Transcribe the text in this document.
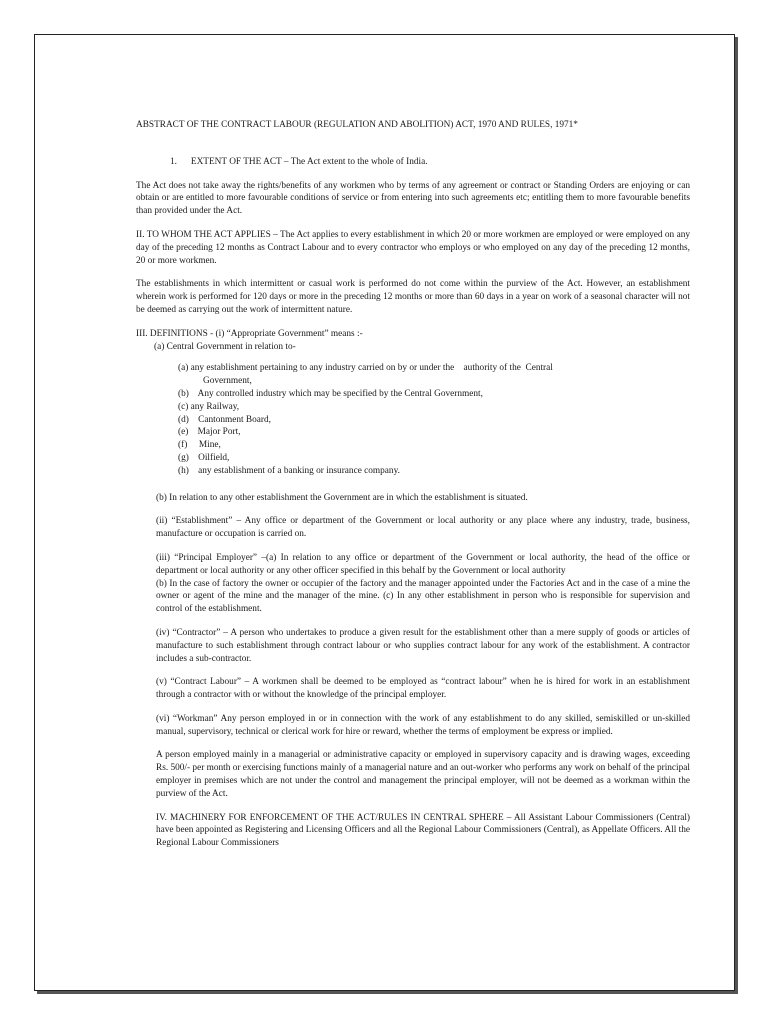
ABSTRACT OF THE CONTRACT LABOUR (REGULATION AND ABOLITION) ACT, 1970 AND RULES, 1971*

1.      EXTENT OF THE ACT – The Act extent to the whole of India.

The Act does not take away the rights/benefits of any workmen who by terms of any agreement or contract or Standing Orders are enjoying or can obtain or are entitled to more favourable conditions of service or from entering into such agreements etc; entitling them to more favourable benefits than provided under the Act.

II. TO WHOM THE ACT APPLIES – The Act applies to every establishment in which 20 or more workmen are employed or were employed on any day of the preceding 12 months as Contract Labour and to every contractor who employs or who employed on any day of the preceding 12 months, 20 or more workmen.

The establishments in which intermittent or casual work is performed do not come within the purview of the Act. However, an establishment wherein work is performed for 120 days or more in the preceding 12 months or more than 60 days in a year on work of a seasonal character will not be deemed as carrying out the work of intermittent nature.

III. DEFINITIONS - (i) “Appropriate Government” means :-

(a) Central Government in relation to-

(a) any establishment pertaining to any industry carried on by or under the    authority of the  Central
Government,
(b)    Any controlled industry which may be specified by the Central Government,
(c) any Railway,
(d)    Cantonment Board,
(e)    Major Port,
(f)     Mine,
(g)    Oilfield,
(h)    any establishment of a banking or insurance company.

(b) In relation to any other establishment the Government are in which the establishment is situated.

(ii) “Establishment” – Any office or department of the Government or local authority or any place where any industry, trade, business, manufacture or occupation is carried on.

(iii) “Principal Employer” –(a) In relation to any office or department of the Government or local authority, the head of the office or department or local authority or any other officer specified in this behalf by the Government or local authority

(b) In the case of factory the owner or occupier of the factory and the manager appointed under the Factories Act and in the case of a mine the owner or agent of the mine and the manager of the mine. (c) In any other establishment in person who is responsible for supervision and control of the establishment.

(iv) “Contractor” – A person who undertakes to produce a given result for the establishment other than a mere supply of goods or articles of manufacture to such establishment through contract labour or who supplies contract labour for any work of the establishment. A contractor includes a sub-contractor.

(v) “Contract Labour” – A workmen shall be deemed to be employed as “contract labour” when he is hired for work in an establishment through a contractor with or without the knowledge of the principal employer.

(vi) “Workman” Any person employed in or in connection with the work of any establishment to do any skilled, semiskilled or un-skilled manual, supervisory, technical or clerical work for hire or reward, whether the terms of employment be express or implied.

A person employed mainly in a managerial or administrative capacity or employed in supervisory capacity and is drawing wages, exceeding Rs. 500/- per month or exercising functions mainly of a managerial nature and an out-worker who performs any work on behalf of the principal employer in premises which are not under the control and management the principal employer, will not be deemed as a workman within the purview of the Act.

IV. MACHINERY FOR ENFORCEMENT OF THE ACT/RULES IN CENTRAL SPHERE – All Assistant Labour Commissioners (Central) have been appointed as Registering and Licensing Officers and all the Regional Labour Commissioners (Central), as Appellate Officers. All the Regional Labour Commissioners
